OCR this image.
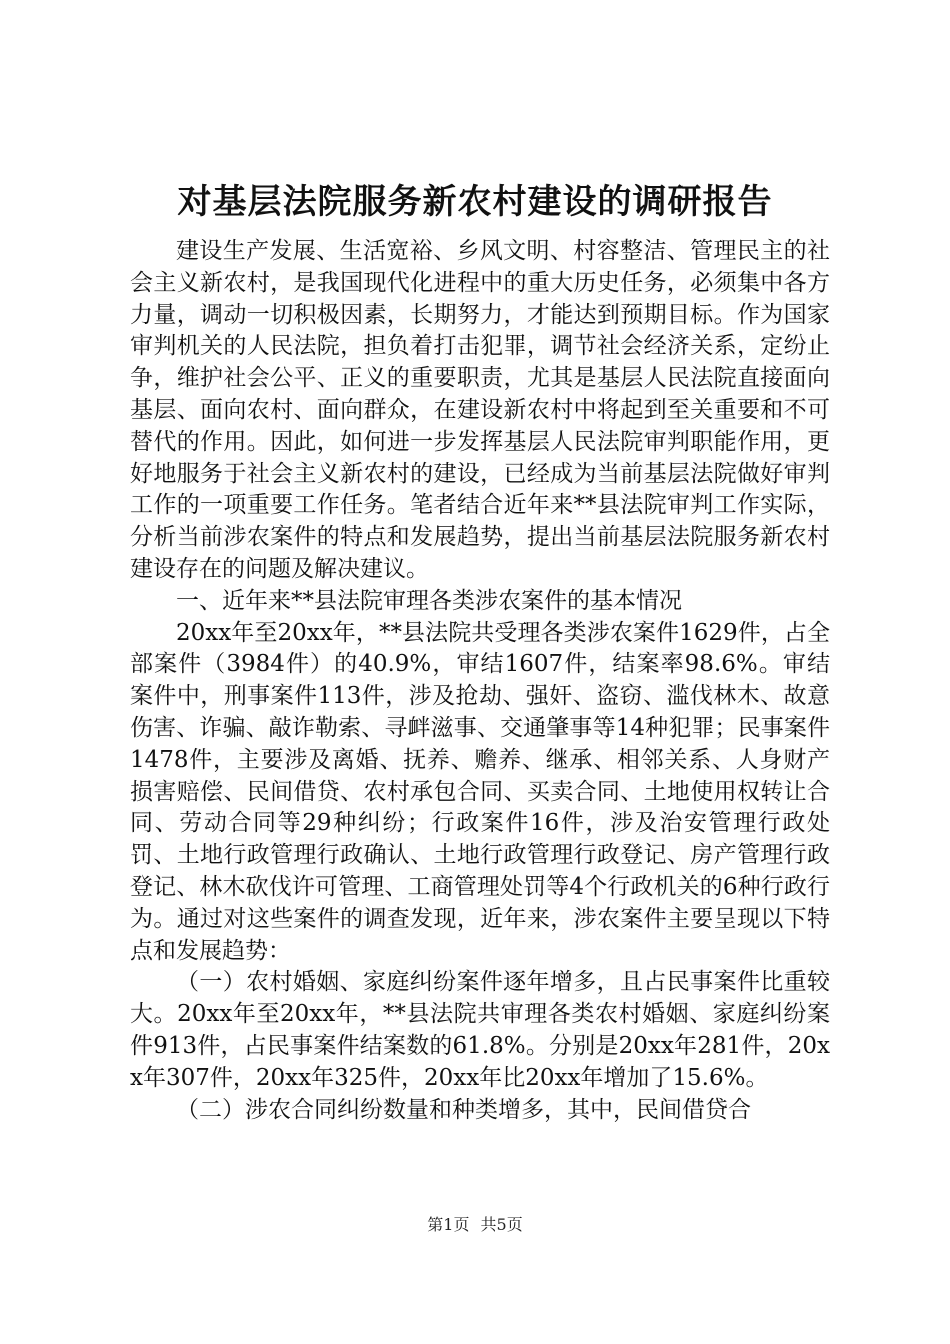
对基层法院服务新农村建设的调研报告

建设生产发展、生活宽裕、乡风文明、村容整洁、管理民主的社会主义新农村，是我国现代化进程中的重大历史任务，必须集中各方力量，调动一切积极因素，长期努力，才能达到预期目标。作为国家审判机关的人民法院，担负着打击犯罪，调节社会经济关系，定纷止争，维护社会公平、正义的重要职责，尤其是基层人民法院直接面向基层、面向农村、面向群众，在建设新农村中将起到至关重要和不可替代的作用。因此，如何进一步发挥基层人民法院审判职能作用，更好地服务于社会主义新农村的建设，已经成为当前基层法院做好审判工作的一项重要工作任务。笔者结合近年来**县法院审判工作实际，分析当前涉农案件的特点和发展趋势，提出当前基层法院服务新农村建设存在的问题及解决建议。

一、近年来**县法院审理各类涉农案件的基本情况

20xx年至20xx年，**县法院共受理各类涉农案件1629件，占全部案件（3984件）的40.9%，审结1607件，结案率98.6%。审结案件中，刑事案件113件，涉及抢劫、强奸、盗窃、滥伐林木、故意伤害、诈骗、敲诈勒索、寻衅滋事、交通肇事等14种犯罪；民事案件1478件，主要涉及离婚、抚养、赡养、继承、相邻关系、人身财产损害赔偿、民间借贷、农村承包合同、买卖合同、土地使用权转让合同、劳动合同等29种纠纷；行政案件16件，涉及治安管理行政处罚、土地行政管理行政确认、土地行政管理行政登记、房产管理行政登记、林木砍伐许可管理、工商管理处罚等4个行政机关的6种行政行为。通过对这些案件的调查发现，近年来，涉农案件主要呈现以下特点和发展趋势：

（一）农村婚姻、家庭纠纷案件逐年增多，且占民事案件比重较大。20xx年至20xx年，**县法院共审理各类农村婚姻、家庭纠纷案件913件，占民事案件结案数的61.8%。分别是20xx年281件，20xx年307件，20xx年325件，20xx年比20xx年增加了15.6%。

（二）涉农合同纠纷数量和种类增多，其中，民间借贷合

第1页 共5页
